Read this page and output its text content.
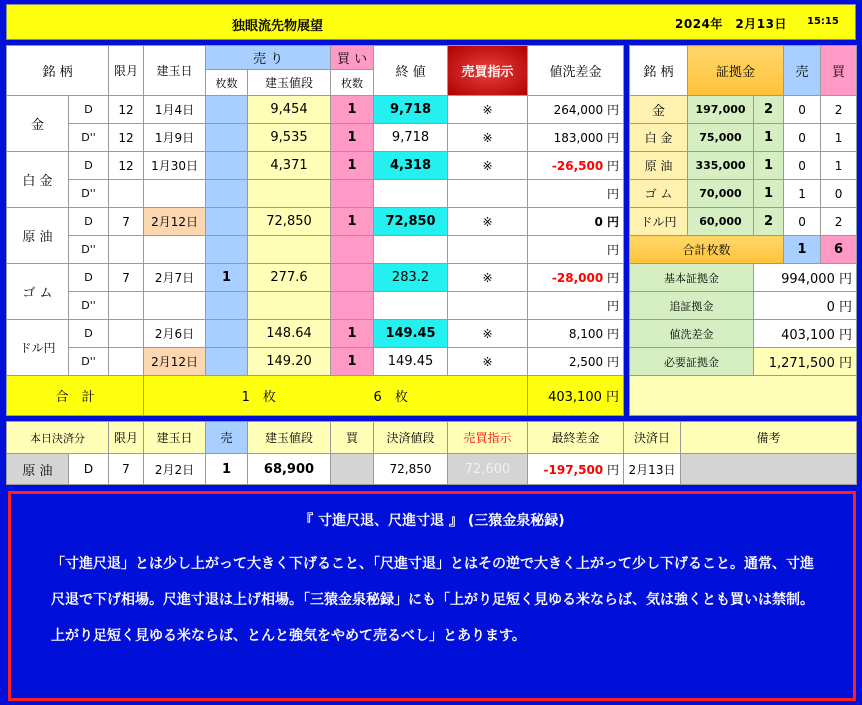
独眼流先物展望	2024年　2月13日 15:15
銘 柄		限月	建玉日	売 り		買 い	終 値	売買指示	値洗差金
				枚数	建玉値段	枚数			
金	D	12	1月4日		9,454	1	9,718	※	264,000 円
	D''	12	1月9日		9,535	1	9,718	※	183,000 円
白 金	D	12	1月30日		4,371	1	4,318	※	-26,500 円
	D''								円
原 油	D	7	2月12日		72,850	1	72,850	※	0 円
	D''								円
ゴ ム	D	7	2月7日	1	277.6		283.2	※	-28,000 円
	D''								円
ドル円	D		2月6日		148.64	1	149.45	※	8,100 円
	D''		2月12日		149.20	1	149.45	※	2,500 円
合　計			1　 枚				6　 枚		403,100 円
銘 柄	証拠金		売	買
金	197,000	2	0	2
白 金	75,000	1	0	1
原 油	335,000	1	0	1
ゴ ム	70,000	1	1	0
ドル円	60,000	2	0	2
合計枚数			1	6
基本証拠金		994,000 円		
追証拠金		0 円		
値洗差金		403,100 円		
必要証拠金		1,271,500 円		

本日決済分		限月	建玉日	売	建玉値段	買	決済値段	売買指示	最終差金	決済日	備考
原 油	D	7	2月2日	1	68,900		72,850	72,600	-197,500 円	2月13日	
『 寸進尺退、尺進寸退 』 (三猿金泉秘録)
「寸進尺退」とは少し上がって大きく下げること、「尺進寸退」とはその逆で大きく上がって少し下げること。通常、寸進尺退で下げ相場。尺進寸退は上げ相場。「三猿金泉秘録」にも「上がり足短く見ゆる米ならば、気は強くとも買いは禁制。上がり足短く見ゆる米ならば、とんと強気をやめて売るべし」とあります。
